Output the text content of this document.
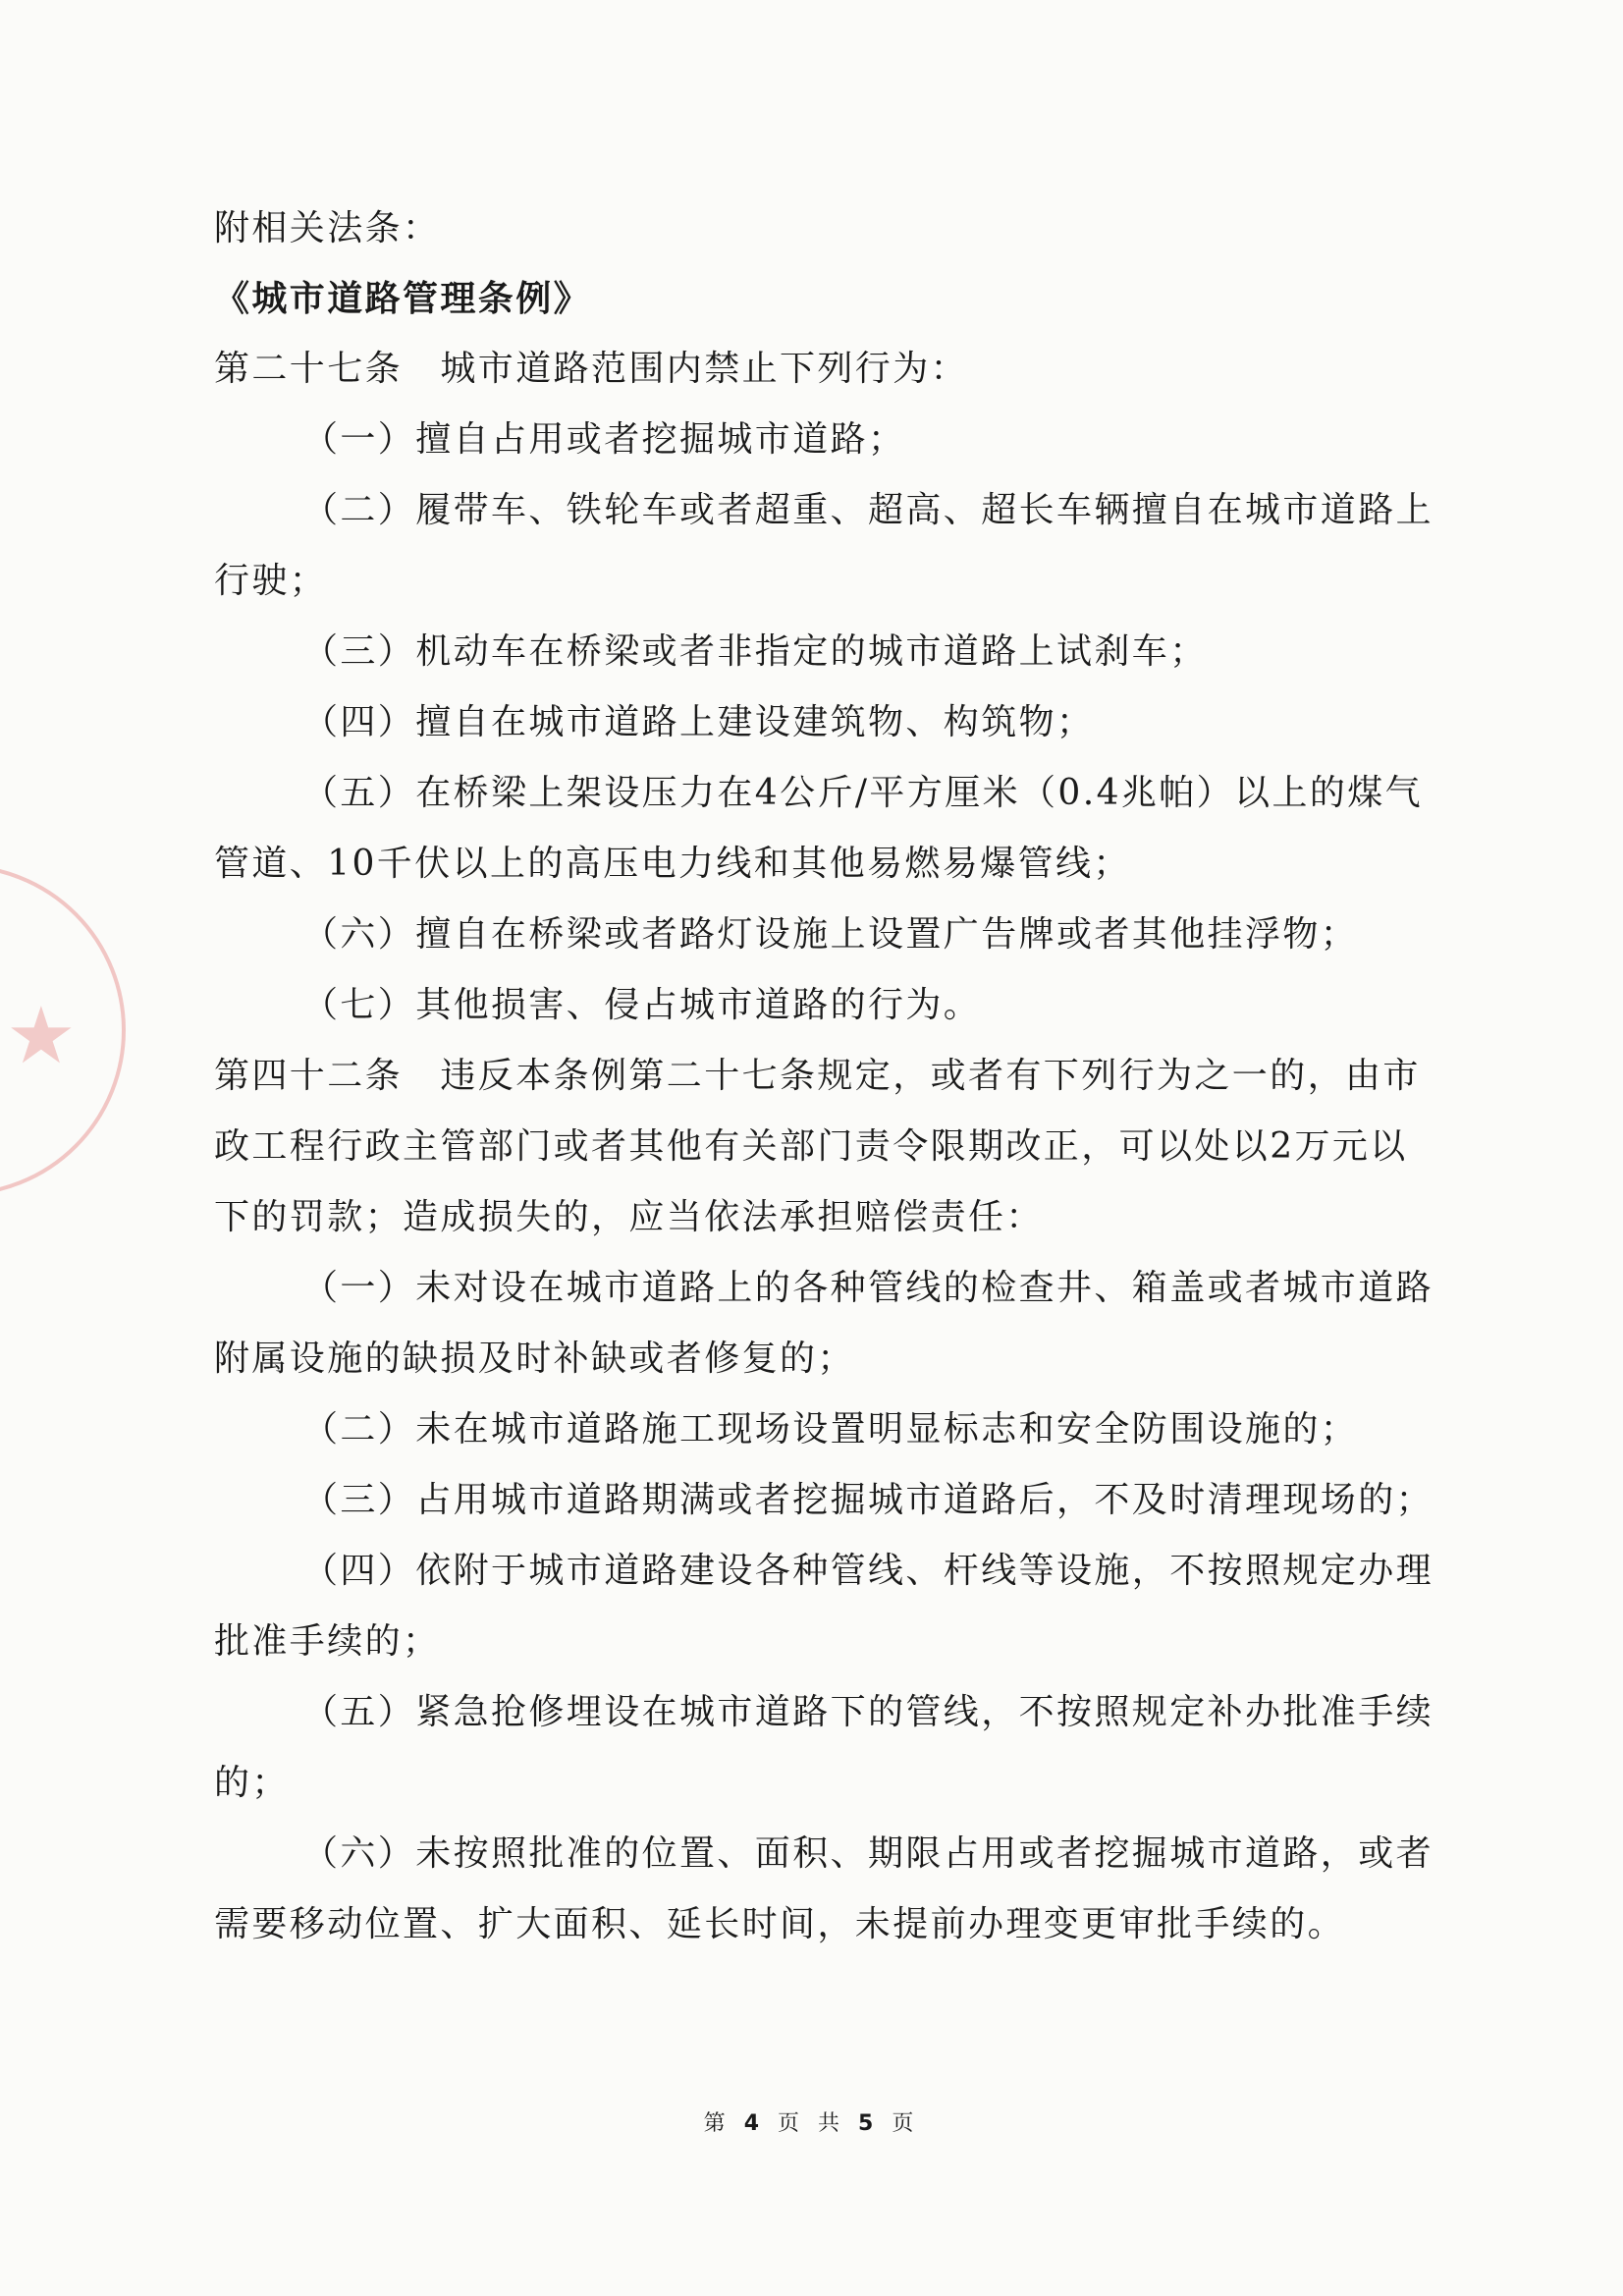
★
附相关法条：
《城市道路管理条例》
第二十七条　城市道路范围内禁止下列行为：
（一）擅自占用或者挖掘城市道路；
（二）履带车、铁轮车或者超重、超高、超长车辆擅自在城市道路上
行驶；
（三）机动车在桥梁或者非指定的城市道路上试刹车；
（四）擅自在城市道路上建设建筑物、构筑物；
（五）在桥梁上架设压力在4公斤/平方厘米（0.4兆帕）以上的煤气
管道、10千伏以上的高压电力线和其他易燃易爆管线；
（六）擅自在桥梁或者路灯设施上设置广告牌或者其他挂浮物；
（七）其他损害、侵占城市道路的行为。
第四十二条　违反本条例第二十七条规定，或者有下列行为之一的，由市
政工程行政主管部门或者其他有关部门责令限期改正，可以处以2万元以
下的罚款；造成损失的，应当依法承担赔偿责任：
（一）未对设在城市道路上的各种管线的检查井、箱盖或者城市道路
附属设施的缺损及时补缺或者修复的；
（二）未在城市道路施工现场设置明显标志和安全防围设施的；
（三）占用城市道路期满或者挖掘城市道路后，不及时清理现场的；
（四）依附于城市道路建设各种管线、杆线等设施，不按照规定办理
批准手续的；
（五）紧急抢修埋设在城市道路下的管线，不按照规定补办批准手续
的；
（六）未按照批准的位置、面积、期限占用或者挖掘城市道路，或者
需要移动位置、扩大面积、延长时间，未提前办理变更审批手续的。
第 4 页 共 5 页
